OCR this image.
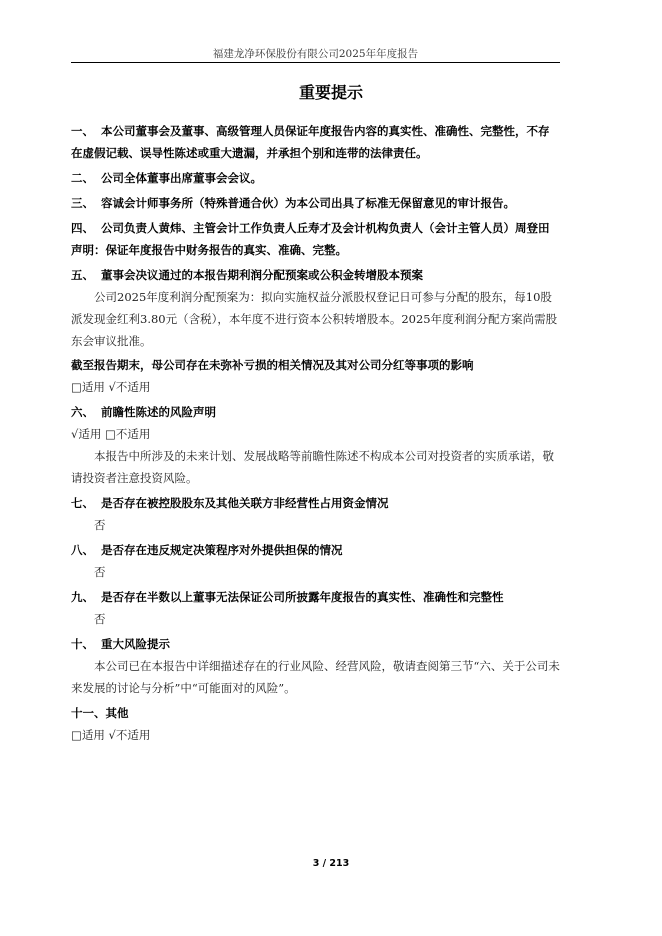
福建龙净环保股份有限公司2025年年度报告
重要提示

一、 本公司董事会及董事、高级管理人员保证年度报告内容的真实性、准确性、完整性，不存在虚假记载、误导性陈述或重大遗漏，并承担个别和连带的法律责任。

二、 公司全体董事出席董事会会议。

三、 容诚会计师事务所（特殊普通合伙）为本公司出具了标准无保留意见的审计报告。

四、 公司负责人黄炜、主管会计工作负责人丘寿才及会计机构负责人（会计主管人员）周登田声明：保证年度报告中财务报告的真实、准确、完整。

五、 董事会决议通过的本报告期利润分配预案或公积金转增股本预案

公司2025年度利润分配预案为：拟向实施权益分派股权登记日可参与分配的股东，每10股派发现金红利3.80元（含税），本年度不进行资本公积转增股本。2025年度利润分配方案尚需股东会审议批准。

截至报告期末，母公司存在未弥补亏损的相关情况及其对公司分红等事项的影响

□适用 √不适用

六、 前瞻性陈述的风险声明

√适用 □不适用

本报告中所涉及的未来计划、发展战略等前瞻性陈述不构成本公司对投资者的实质承诺，敬请投资者注意投资风险。

七、 是否存在被控股股东及其他关联方非经营性占用资金情况

否

八、 是否存在违反规定决策程序对外提供担保的情况

否

九、 是否存在半数以上董事无法保证公司所披露年度报告的真实性、准确性和完整性

否

十、 重大风险提示

本公司已在本报告中详细描述存在的行业风险、经营风险，敬请查阅第三节“六、关于公司未来发展的讨论与分析”中“可能面对的风险”。

十一、其他

□适用 √不适用

3 / 213
